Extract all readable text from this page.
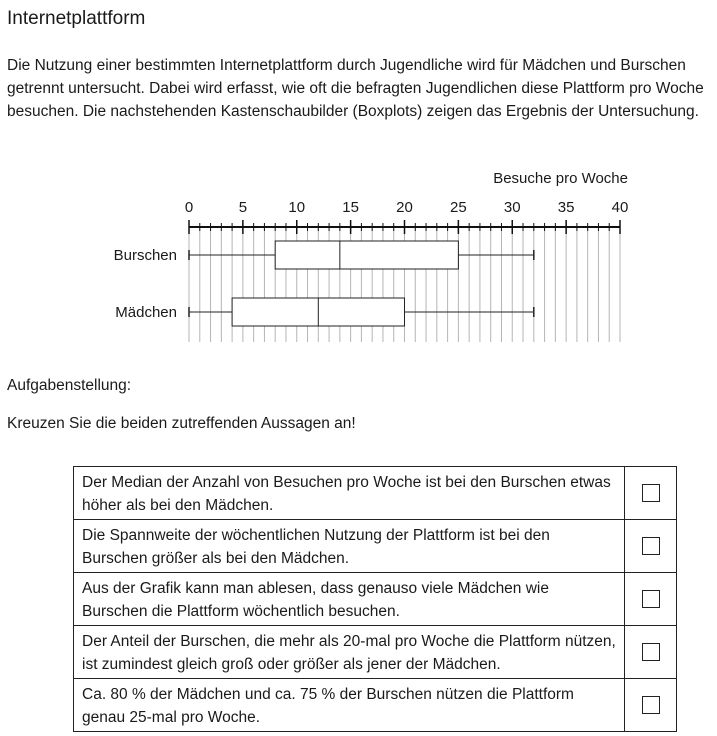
Internetplattform
Die Nutzung einer bestimmten Internetplattform durch Jugendliche wird für Mädchen und Burschen getrennt untersucht. Dabei wird erfasst, wie oft die befragten Jugendlichen diese Plattform pro Woche besuchen. Die nachstehenden Kastenschaubilder (Boxplots) zeigen das Ergebnis der Untersuchung.
Besuche pro Woche
0	5	10 15 20 25 30 35 40
Burschen
Mädchen
Aufgabenstellung:
Kreuzen Sie die beiden zutreffenden Aussagen an!
Der Median der Anzahl von Besuchen pro Woche ist bei den Burschen etwas höher als bei den Mädchen.	
Die Spannweite der wöchentlichen Nutzung der Plattform ist bei den Burschen größer als bei den Mädchen.	
Aus der Grafik kann man ablesen, dass genauso viele Mädchen wie Burschen die Plattform wöchentlich besuchen.	
Der Anteil der Burschen, die mehr als 20-mal pro Woche die Plattform nützen, ist zumindest gleich groß oder größer als jener der Mädchen.	
Ca. 80 % der Mädchen und ca. 75 % der Burschen nützen die Plattform genau 25-mal pro Woche.	
